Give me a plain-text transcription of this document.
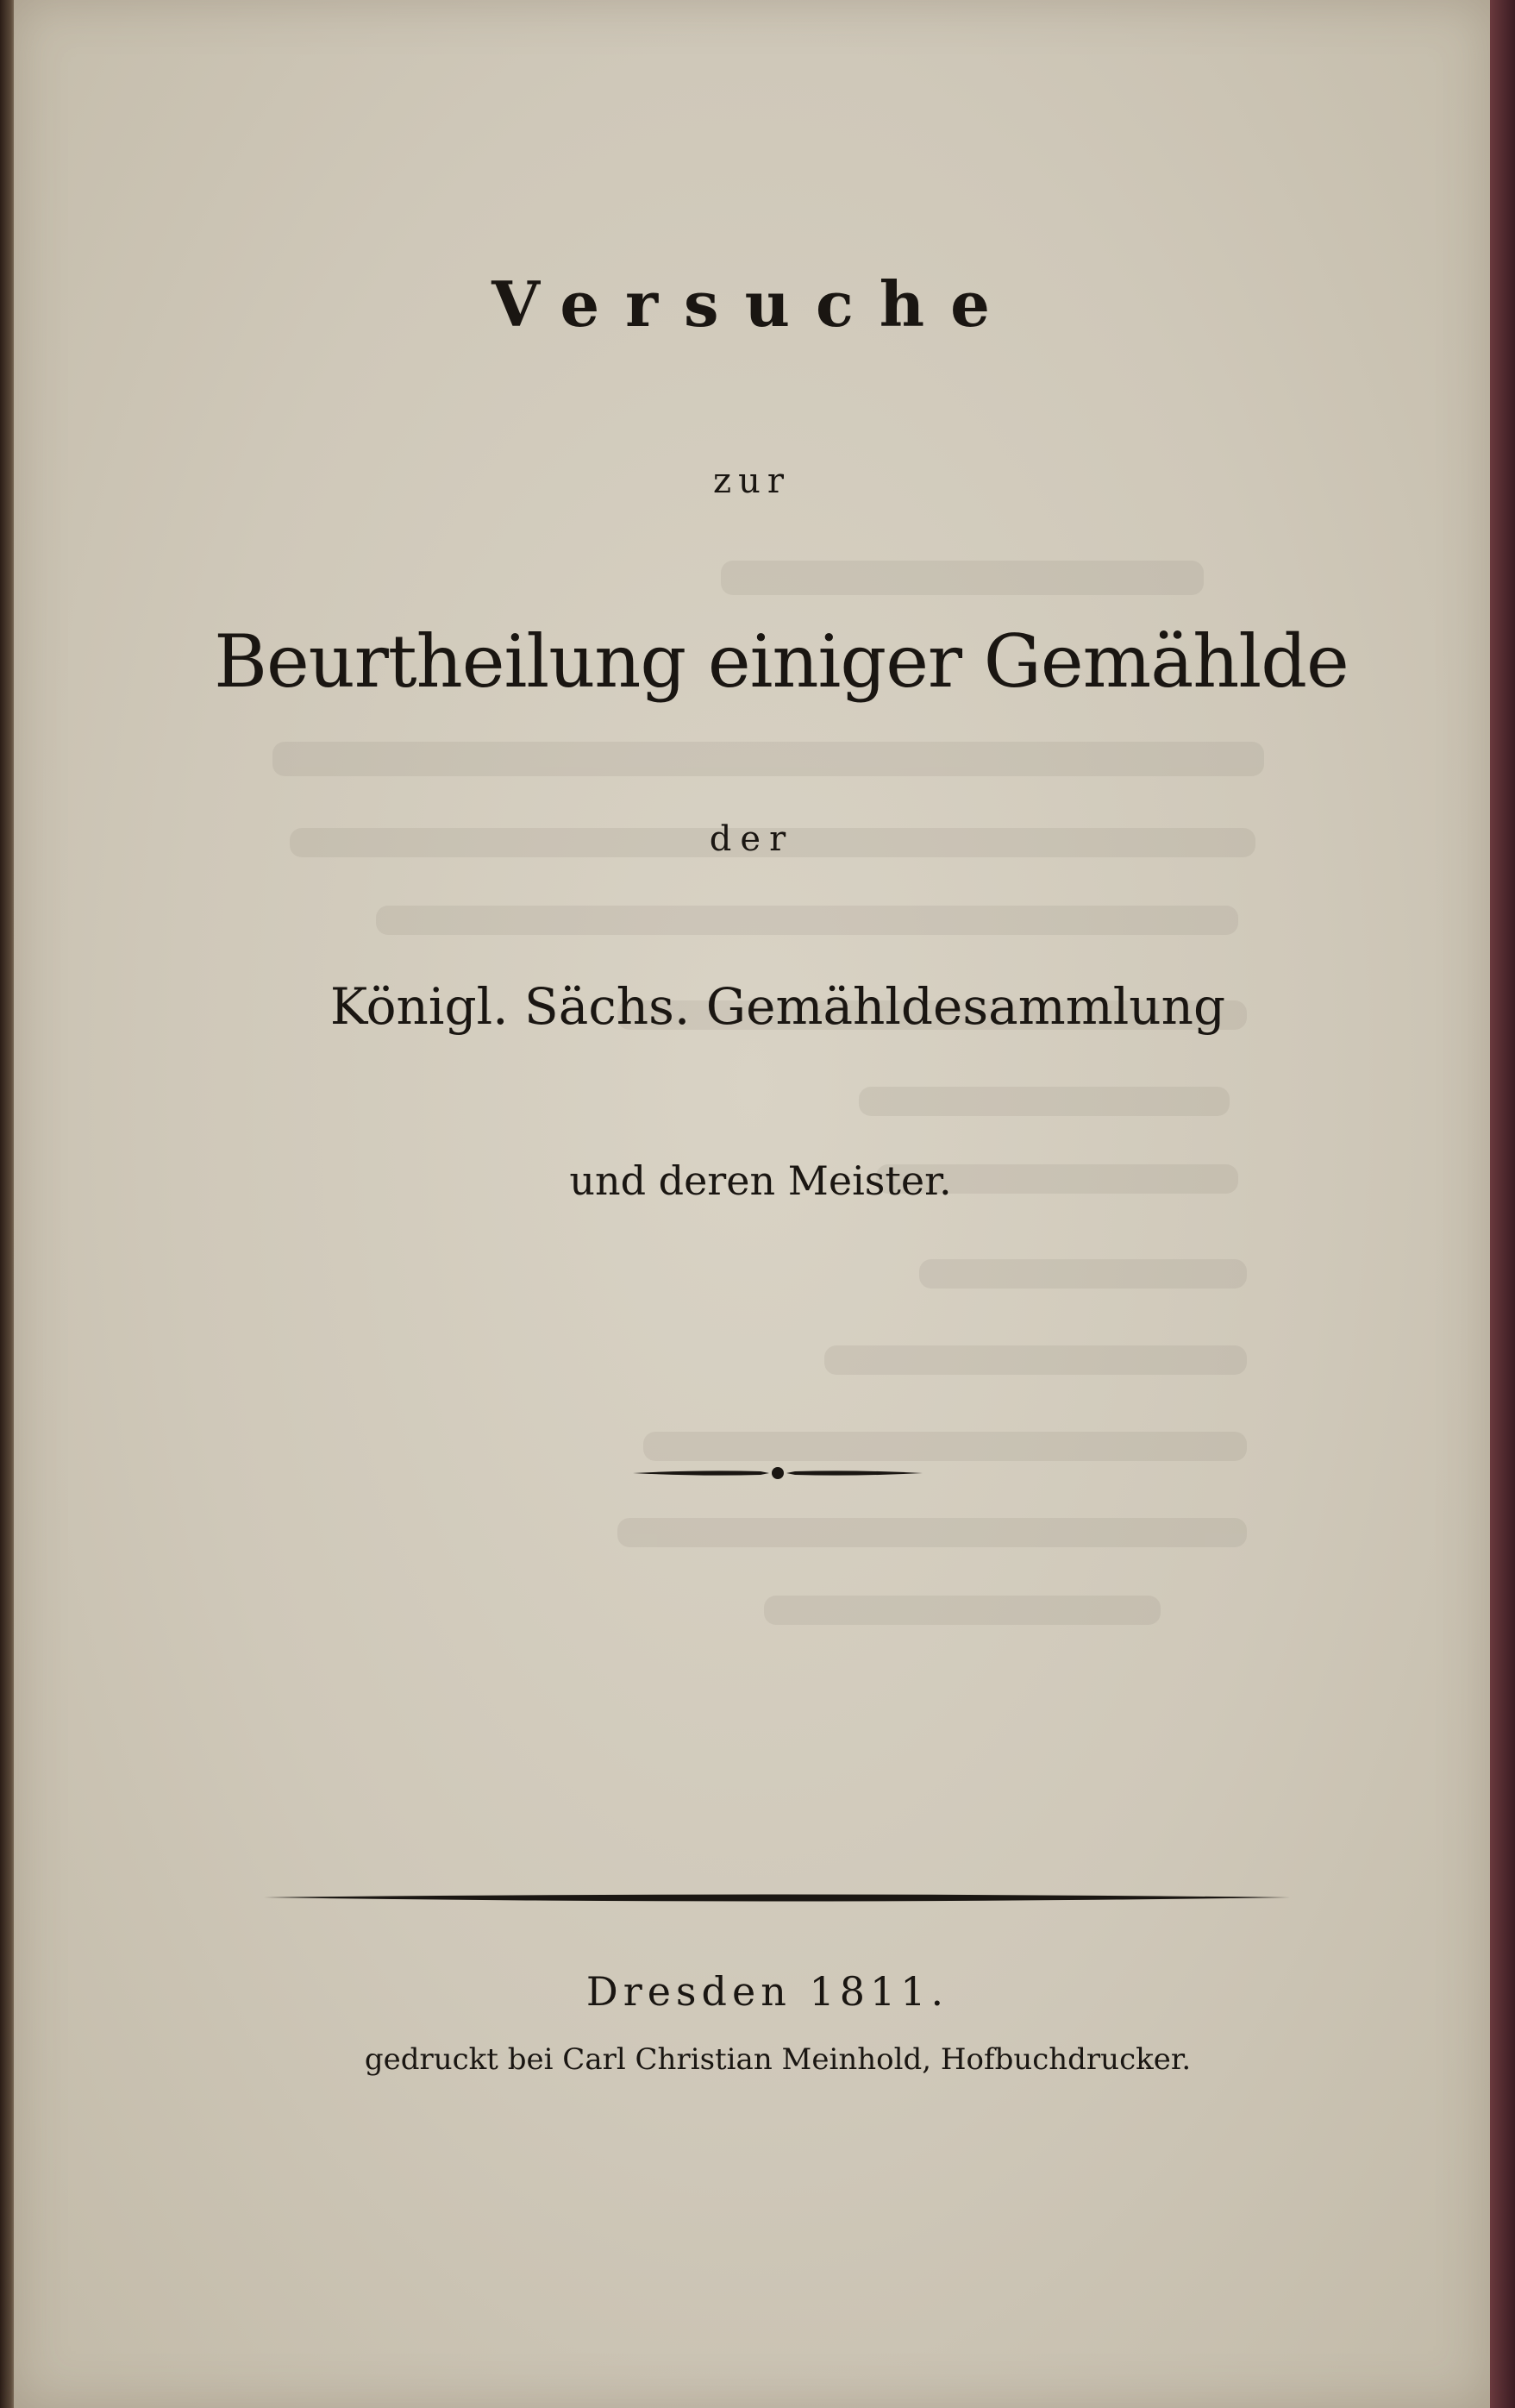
Versuche
zur
Beurtheilung einiger Gemählde
der
Königl. Sächs. Gemähldesammlung
und deren Meister.
Dresden 1811.
gedruckt bei Carl Christian Meinhold, Hofbuchdrucker.
